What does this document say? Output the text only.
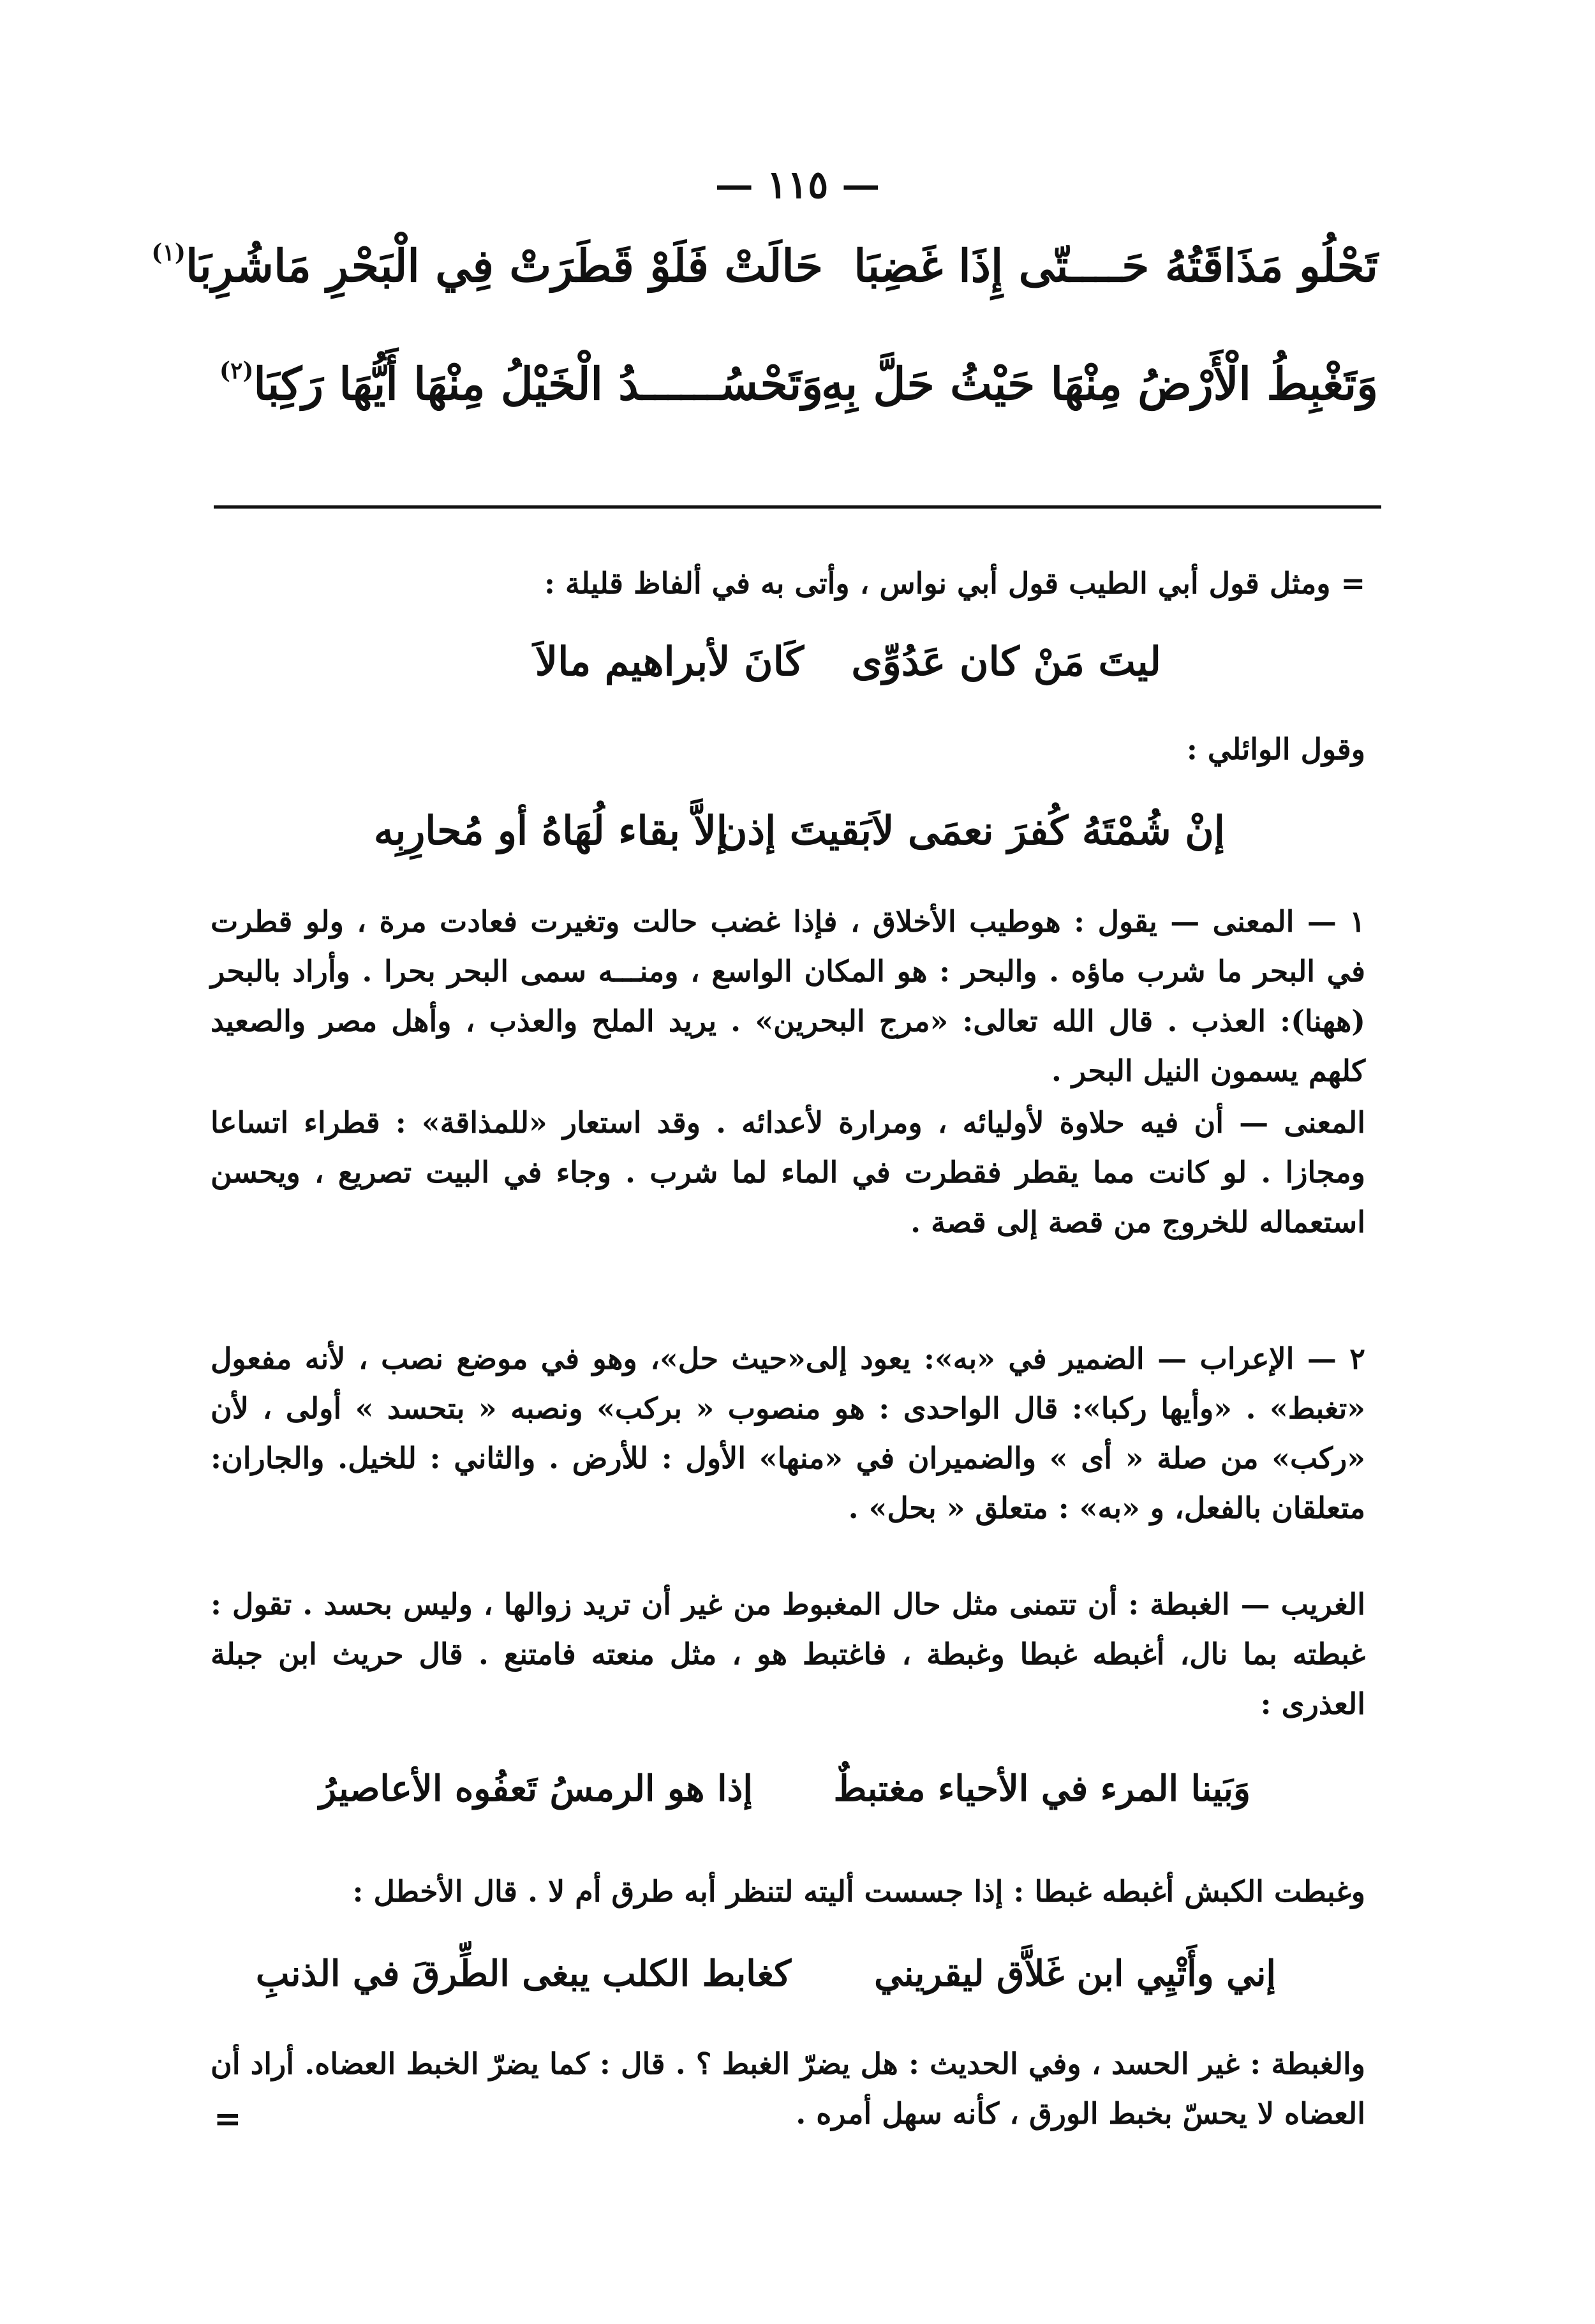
— ١١٥ —
تَحْلُو مَذَاقَتُهُ حَــــتّى إِذَا غَضِبَا
حَالَتْ فَلَوْ قَطَرَتْ فِي الْبَحْرِ مَاشُرِبَا
(١)
وَتَغْبِطُ الْأَرْضُ مِنْهَا حَيْثُ حَلَّ بِهِ
وَتَحْسُــــــدُ الْخَيْلُ مِنْهَا أَيُّهَا رَكِبَا
(٢)
= ومثل قول أبي الطيب قول أبي نواس ، وأتى به في ألفاظ قليلة :
ليتَ مَنْ كان عَدُوِّى
كَانَ لأبراهيم مالاَ
وقول الوائلي :
إنْ شُمْتَهُ كُفرَ نعمَى لاَبَقيتَ إذن
إلاَّ بقاء لُهَاهُ أو مُحارِبِه
١ — المعنى — يقول : هوطيب الأخلاق ، فإذا غضب حالت وتغيرت فعادت مرة ، ولو قطرت في البحر ما شرب ماؤه . والبحر : هو المكان الواسع ، ومنـــه سمى البحر بحرا . وأراد بالبحر (ههنا): العذب . قال الله تعالى: «مرج البحرين» . يريد الملح والعذب ، وأهل مصر والصعيد كلهم يسمون النيل البحر .
المعنى — أن فيه حلاوة لأوليائه ، ومرارة لأعدائه . وقد استعار «للمذاقة» : قطراء اتساعا ومجازا . لو كانت مما يقطر فقطرت في الماء لما شرب . وجاء في البيت تصريع ، ويحسن استعماله للخروج من قصة إلى قصة .
٢ — الإعراب — الضمير في «به»: يعود إلى«حيث حل»، وهو في موضع نصب ، لأنه مفعول «تغبط» . «وأيها ركبا»: قال الواحدى : هو منصوب « بركب» ونصبه « بتحسد » أولى ، لأن «ركب» من صلة « أى » والضميران في «منها» الأول : للأرض . والثاني : للخيل. والجاران: متعلقان بالفعل، و «به» : متعلق « بحل» .
الغريب — الغبطة : أن تتمنى مثل حال المغبوط من غير أن تريد زوالها ، وليس بحسد . تقول : غبطته بما نال، أغبطه غبطا وغبطة ، فاغتبط هو ، مثل منعته فامتنع . قال حريث ابن جبلة العذرى :
وَبَينا المرء في الأحياء مغتبطٌ
إذا هو الرمسُ تَعفُوه الأعاصيرُ
وغبطت الكبش أغبطه غبطا : إذا جسست أليته لتنظر أبه طرق أم لا . قال الأخطل :
إني وأَتْيِي ابن غَلاَّق ليقريني
كغابط الكلب يبغى الطِّرقَ في الذنبِ
والغبطة : غير الحسد ، وفي الحديث : هل يضرّ الغبط ؟ . قال : كما يضرّ الخبط العضاه. أراد أن العضاه لا يحسّ بخبط الورق ، كأنه سهل أمره .
=
